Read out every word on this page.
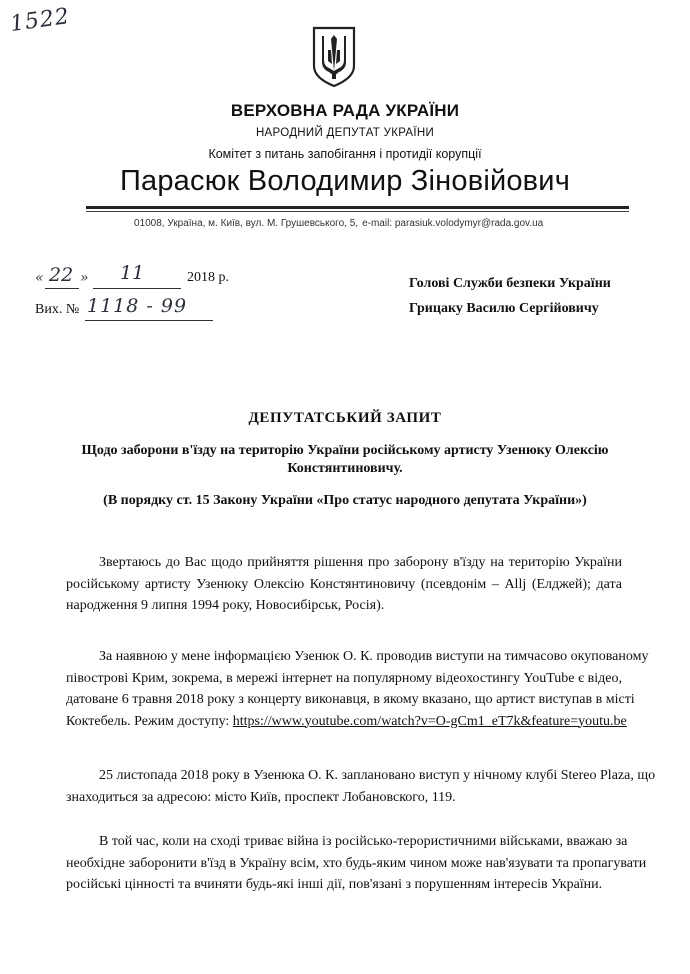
1522
ВЕРХОВНА РАДА УКРАЇНИ
НАРОДНИЙ ДЕПУТАТ УКРАЇНИ
Комітет з питань запобігання і протидії корупції
Парасюк Володимир Зіновійович
01008, Україна, м. Київ, вул. М. Грушевського, 5, e-mail: parasiuk.volodymyr@rada.gov.ua
« 22 » 11	2018 р.
Вих. № 1118 - 99
Голові Служби безпеки України
Грицаку Василю Сергійовичу
ДЕПУТАТСЬКИЙ ЗАПИТ
Щодо заборони в'їзду на територію України російському артисту Узенюку Олексію
Констянтиновичу.
(В порядку ст. 15 Закону України «Про статус народного депутата України»)
Звертаюсь до Вас щодо прийняття рішення про заборону в'їзду на територію України
російському артисту Узенюку Олексію Констянтиновичу (псевдонім – Allj (Елджей); дата
народження 9 липня 1994 року, Новосибірськ, Росія).
За наявною у мене інформацією Узенюк О. К. проводив виступи на тимчасово окупованому
півострові Крим, зокрема, в мережі інтернет на популярному відеохостингу YouTube є відео,
датоване 6 травня 2018 року з концерту виконавця, в якому вказано, що артист виступав в місті
Коктебель. Режим доступу: https://www.youtube.com/watch?v=O-gCm1_eT7k&feature=youtu.be
25 листопада 2018 року в Узенюка О. К. заплановано виступ у нічному клубі Stereo Plaza, що
знаходиться за адресою: місто Київ, проспект Лобановского, 119.
В той час, коли на сході триває війна із російсько-терористичними військами, вважаю за
необхідне заборонити в'їзд в Україну всім, хто будь-яким чином може нав'язувати та пропагувати
російські цінності та вчиняти будь-які інші дії, пов'язані з порушенням інтересів України.
